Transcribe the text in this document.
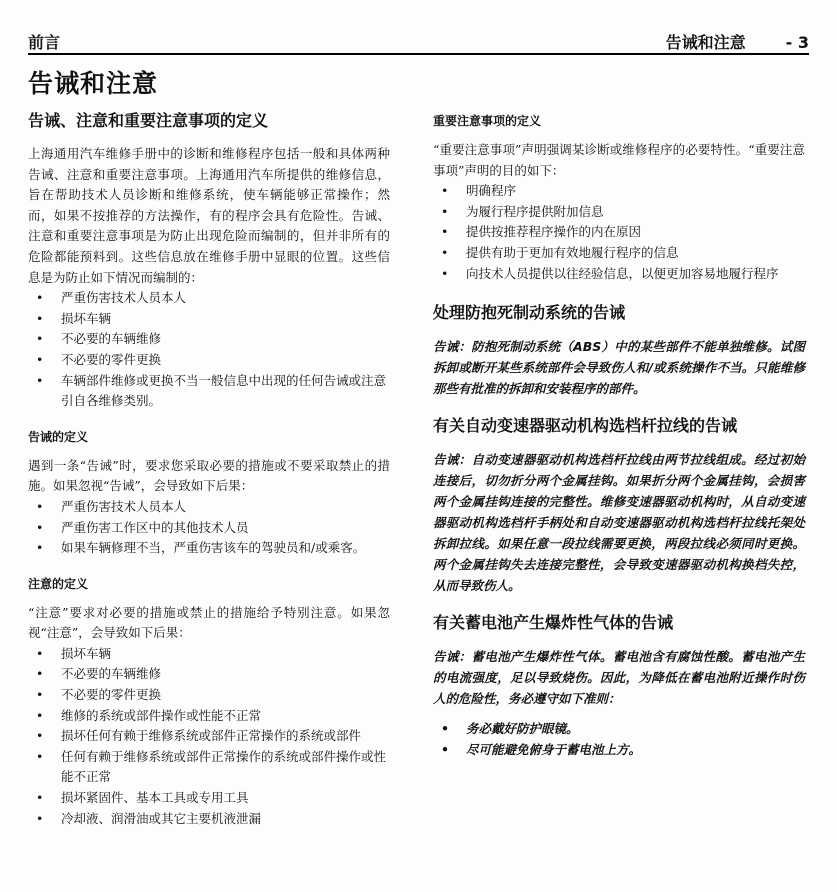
前言	告诫和注意	- 3
告诫和注意
告诫、注意和重要注意事项的定义

上海通用汽车维修手册中的诊断和维修程序包括一般和具体两种告诫、注意和重要注意事项。上海通用汽车所提供的维修信息，旨在帮助技术人员诊断和维修系统，使车辆能够正常操作；然而，如果不按推荐的方法操作，有的程序会具有危险性。告诫、注意和重要注意事项是为防止出现危险而编制的，但并非所有的危险都能预料到。这些信息放在维修手册中显眼的位置。这些信息是为防止如下情况而编制的：

• 严重伤害技术人员本人
• 损坏车辆
• 不必要的车辆维修
• 不必要的零件更换
• 车辆部件维修或更换不当一般信息中出现的任何告诫或注意引自各维修类别。
告诫的定义

遇到一条“告诫”时，要求您采取必要的措施或不要采取禁止的措施。如果忽视“告诫”，会导致如下后果：

• 严重伤害技术人员本人
• 严重伤害工作区中的其他技术人员
• 如果车辆修理不当，严重伤害该车的驾驶员和/或乘客。
注意的定义

“注意”要求对必要的措施或禁止的措施给予特别注意。如果忽视“注意”，会导致如下后果：

• 损坏车辆
• 不必要的车辆维修
• 不必要的零件更换
• 维修的系统或部件操作或性能不正常
• 损坏任何有赖于维修系统或部件正常操作的系统或部件
• 任何有赖于维修系统或部件正常操作的系统或部件操作或性能不正常
• 损坏紧固件、基本工具或专用工具
• 冷却液、润滑油或其它主要机液泄漏
重要注意事项的定义

“重要注意事项”声明强调某诊断或维修程序的必要特性。“重要注意事项”声明的目的如下：

• 明确程序
• 为履行程序提供附加信息
• 提供按推荐程序操作的内在原因
• 提供有助于更加有效地履行程序的信息
• 向技术人员提供以往经验信息，以便更加容易地履行程序
处理防抱死制动系统的告诫

告诫：防抱死制动系统（ABS）中的某些部件不能单独维修。试图拆卸或断开某些系统部件会导致伤人和/或系统操作不当。只能维修那些有批准的拆卸和安装程序的部件。

有关自动变速器驱动机构选档杆拉线的告诫

告诫：自动变速器驱动机构选档杆拉线由两节拉线组成。经过初始连接后，切勿折分两个金属挂钩。如果折分两个金属挂钩，会损害两个金属挂钩连接的完整性。维修变速器驱动机构时，从自动变速器驱动机构选档杆手柄处和自动变速器驱动机构选档杆拉线托架处拆卸拉线。如果任意一段拉线需要更换，两段拉线必须同时更换。两个金属挂钩失去连接完整性，会导致变速器驱动机构换档失控，从而导致伤人。

有关蓄电池产生爆炸性气体的告诫

告诫：蓄电池产生爆炸性气体。蓄电池含有腐蚀性酸。蓄电池产生的电流强度，足以导致烧伤。因此，为降低在蓄电池附近操作时伤人的危险性，务必遵守如下准则：

• 务必戴好防护眼镜。
• 尽可能避免俯身于蓄电池上方。
